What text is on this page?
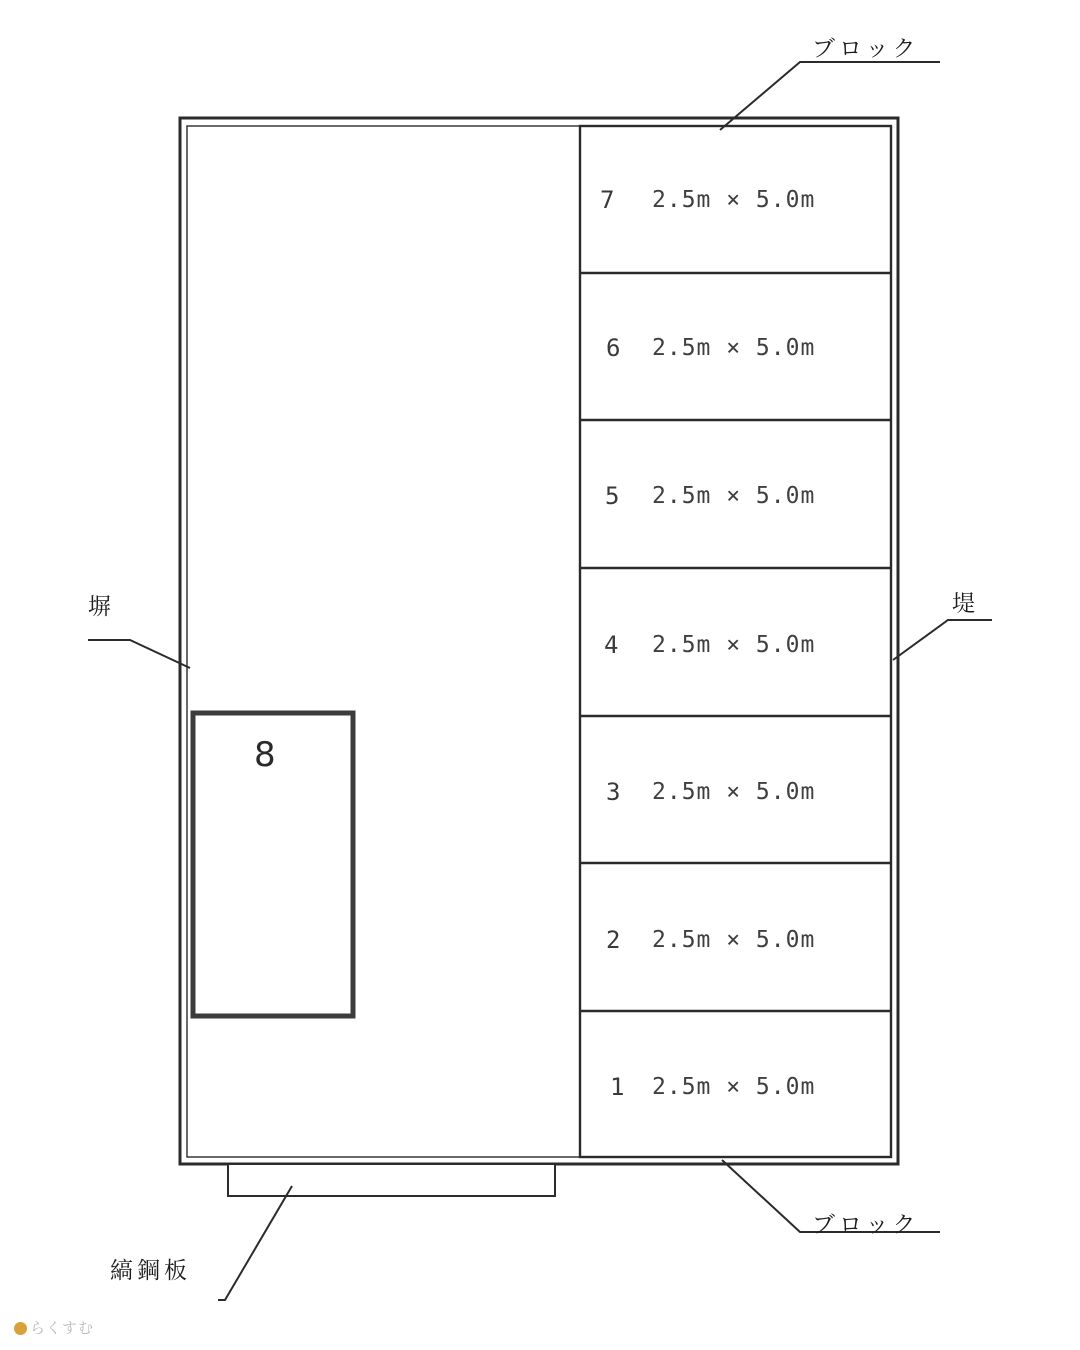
ブロック
ブロック
塀	堤
縞鋼板
8
7 2.5m × 5.0m
6 2.5m × 5.0m
5 2.5m × 5.0m
4 2.5m × 5.0m
3 2.5m × 5.0m
2 2.5m × 5.0m
1 2.5m × 5.0m
らくすむ
